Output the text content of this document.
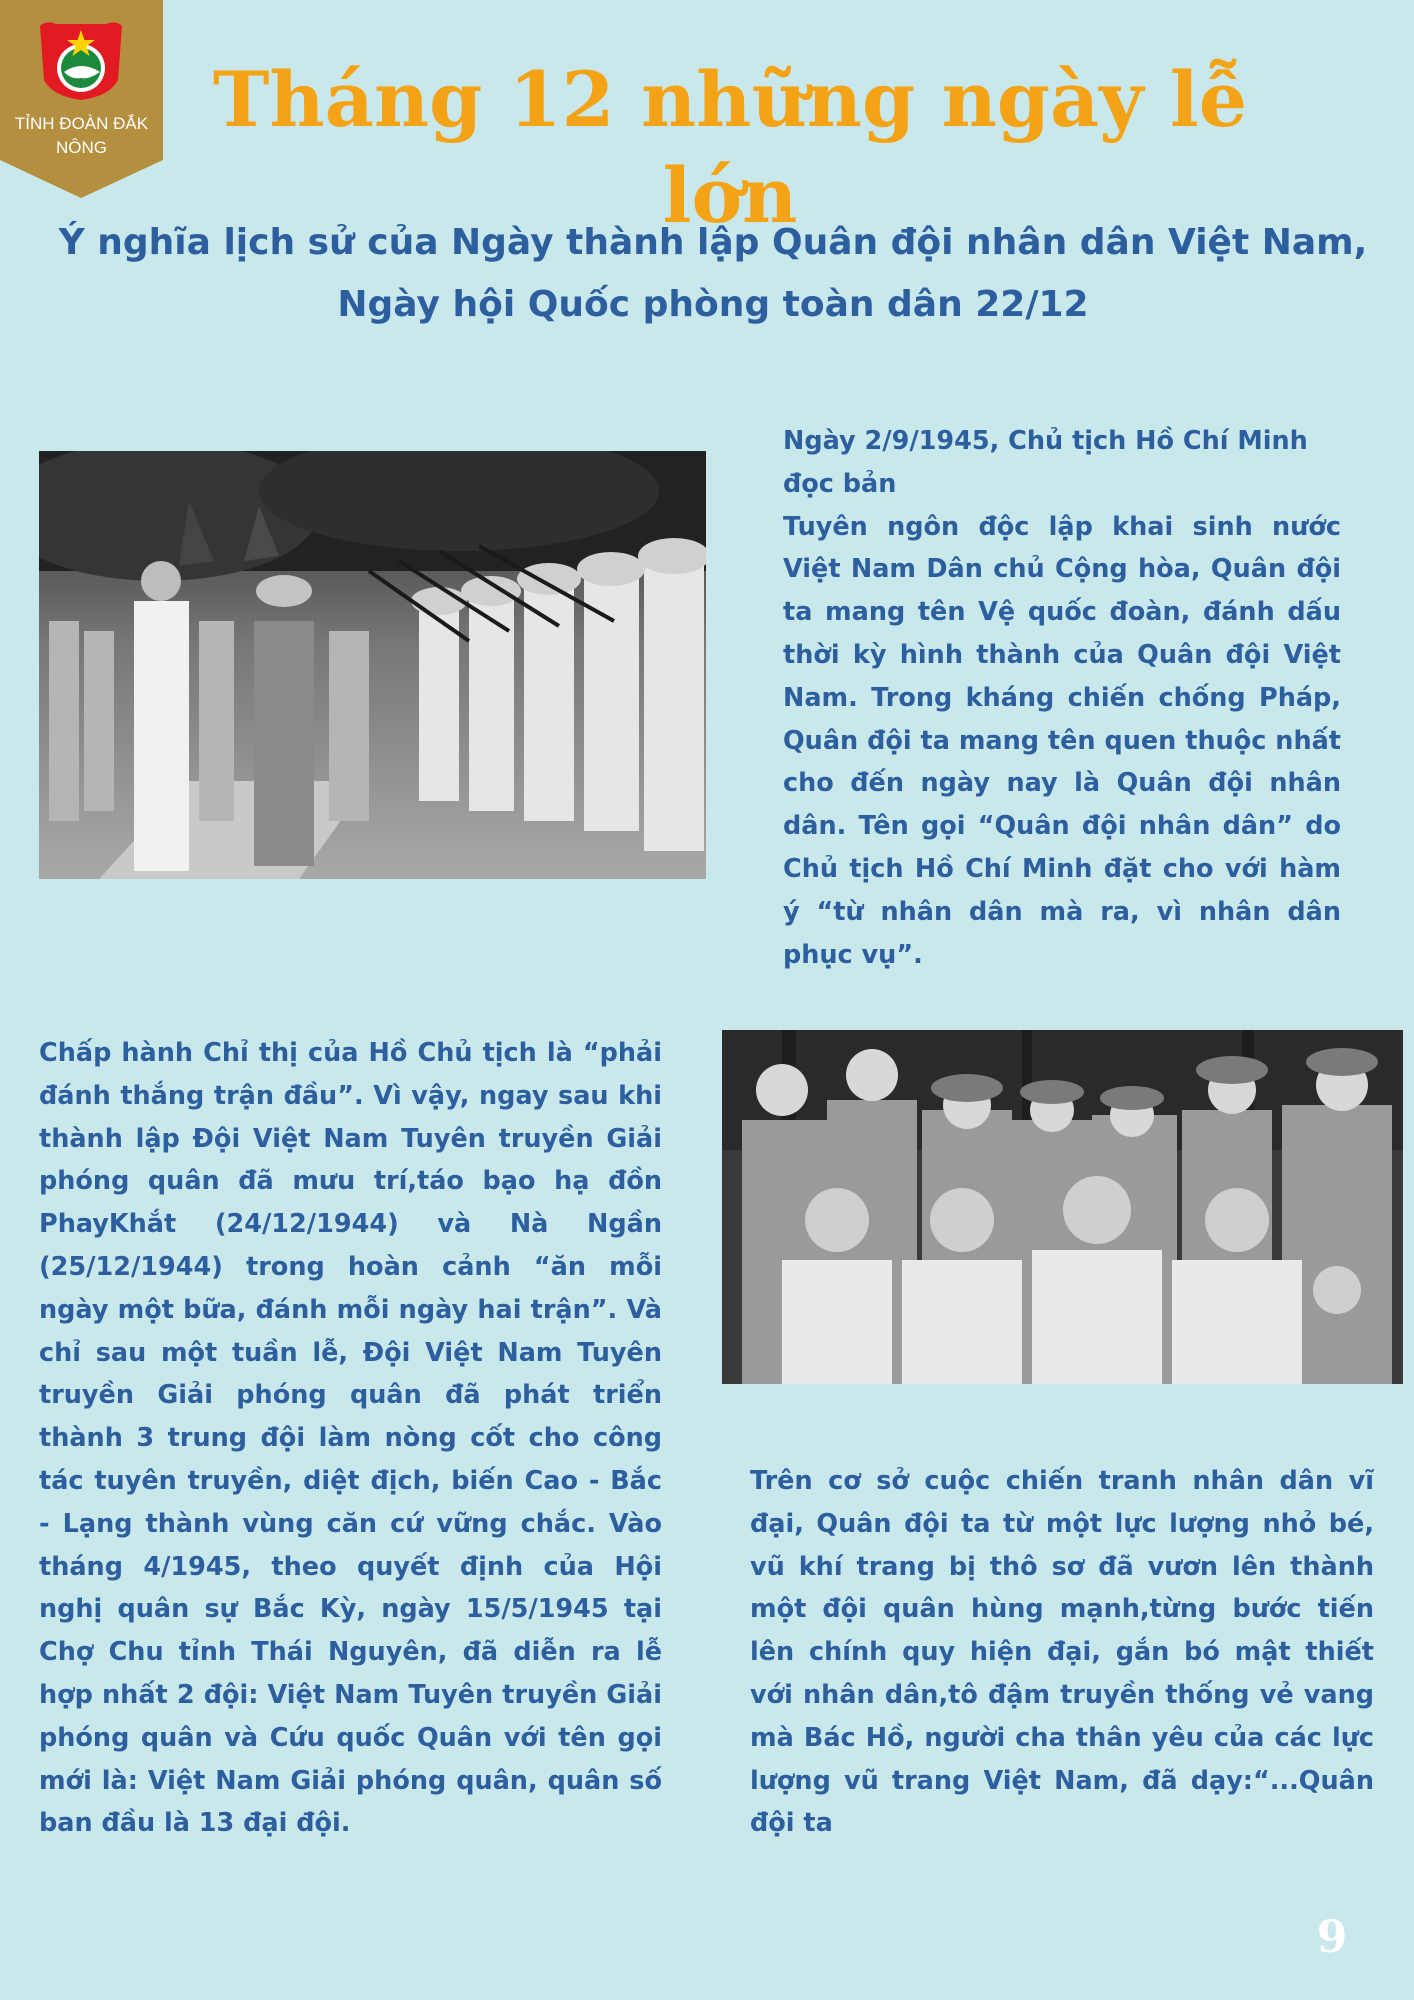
TỈNH ĐOÀN ĐẮK NÔNG
Tháng 12 những ngày lễ lớn
Ý nghĩa lịch sử của Ngày thành lập Quân đội nhân dân Việt Nam,
Ngày hội Quốc phòng toàn dân 22/12
Ngày 2/9/1945, Chủ tịch Hồ Chí Minh đọc bản
Tuyên ngôn độc lập khai sinh nước Việt Nam Dân chủ Cộng hòa, Quân đội ta mang tên Vệ quốc đoàn, đánh dấu thời kỳ hình thành của Quân đội Việt Nam. Trong kháng chiến chống Pháp, Quân đội ta mang tên quen thuộc nhất cho đến ngày nay là Quân đội nhân dân. Tên gọi “Quân đội nhân dân” do Chủ tịch Hồ Chí Minh đặt cho với hàm ý “từ nhân dân mà ra, vì nhân dân phục vụ”.
Chấp hành Chỉ thị của Hồ Chủ tịch là “phải đánh thắng trận đầu”. Vì vậy, ngay sau khi thành lập Đội Việt Nam Tuyên truyền Giải phóng quân đã mưu trí,táo bạo hạ đồn PhayKhắt (24/12/1944) và Nà Ngần (25/12/1944) trong hoàn cảnh “ăn mỗi ngày một bữa, đánh mỗi ngày hai trận”. Và chỉ sau một tuần lễ, Đội Việt Nam Tuyên truyền Giải phóng quân đã phát triển thành 3 trung đội làm nòng cốt cho công tác tuyên truyền, diệt địch, biến Cao - Bắc - Lạng thành vùng căn cứ vững chắc. Vào tháng 4/1945, theo quyết định của Hội nghị quân sự Bắc Kỳ, ngày 15/5/1945 tại Chợ Chu tỉnh Thái Nguyên, đã diễn ra lễ hợp nhất 2 đội: Việt Nam Tuyên truyền Giải phóng quân và Cứu quốc Quân với tên gọi mới là: Việt Nam Giải phóng quân, quân số ban đầu là 13 đại đội.
Trên cơ sở cuộc chiến tranh nhân dân vĩ đại, Quân đội ta từ một lực lượng nhỏ bé, vũ khí trang bị thô sơ đã vươn lên thành một đội quân hùng mạnh,từng bước tiến lên chính quy hiện đại, gắn bó mật thiết với nhân dân,tô đậm truyền thống vẻ vang mà Bác Hồ, người cha thân yêu của các lực lượng vũ trang Việt Nam, đã dạy:“...Quân đội ta
9
